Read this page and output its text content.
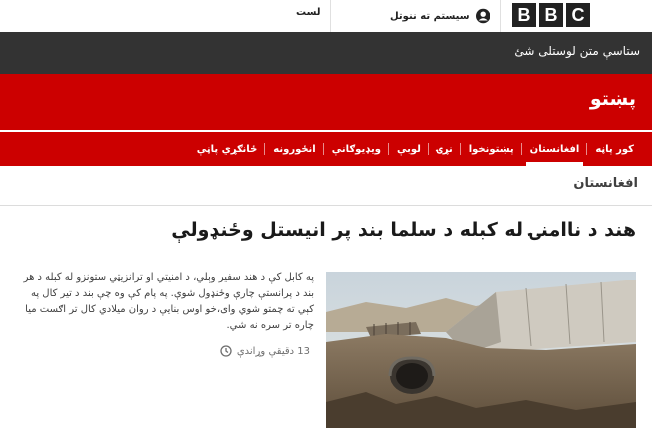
B B C
سیستم ته ننوتل
لست
ستاسې متن لوستلی شئ
پښتو
کور پاڼه
افغانستان
پښتونخوا
نړۍ
لوبې
ویډیوګانې
انځورونه
ځانګړي پاڼې
افغانستان
هند د ناامنۍ له کبله د سلما بند پر انیستل وځنډولې
په کابل کې د هند سفیر وېلي، د امنیتي او ترانزیټي ستونزو له کبله د هر
بند د پرانستې چارې وځنډول شوې. په پام کې وه چې بند د تیر کال په
کېي ته چمتو شوي وای،خو اوس بنایې د روان میلادي کال تر اګست میا
چاره تر سره نه شي.
13 دقیقې وړاندې
